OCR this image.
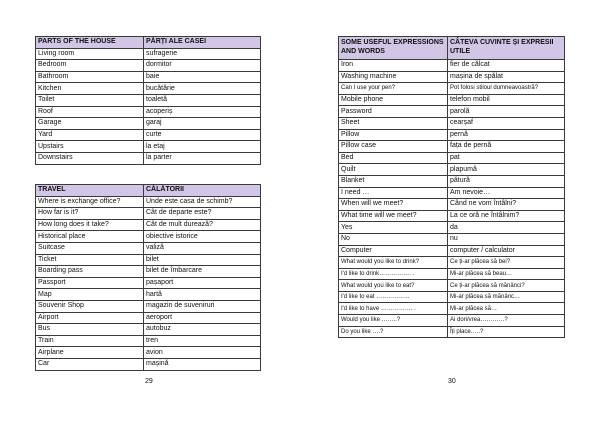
PARTS OF THE HOUSE	PĂRȚI ALE CASEI
Living room	sufragerie
Bedroom	dormitor
Bathroom	baie
Kitchen	bucătărie
Toilet	toaletă
Roof	acoperiș
Garage	garaj
Yard	curte
Upstairs	la etaj
Downstairs	la parter
TRAVEL	CĂLĂTORII
Where is exchange office?	Unde este casa de schimb?
How far is it?	Cât de departe este?
How long does it take?	Cât de mult durează?
Historical place	obiective istorice
Suitcase	valiză
Ticket	bilet
Boarding pass	bilet de îmbarcare
Passport	pașaport
Map	hartă
Souvenir Shop	magazin de suveniruri
Airport	aeroport
Bus	autobuz
Train	tren
Airplane	avion
Car	mașină
SOME USEFUL EXPRESSIONS AND WORDS	CÂTEVA CUVINTE ȘI EXPRESII UTILE
Iron	fier de călcat
Washing machine	mașina de spălat
Can I use your pen?	Pot folosi stiloul dumneavoastră?
Mobile phone	telefon mobil
Password	parolă
Sheet	cearșaf
Pillow	pernă
Pillow case	fața de pernă
Bed	pat
Quilt	plapumă
Blanket	pătură
I need …	Am nevoie…
When will we meet?	Când ne vom întâlni?
What time will we meet?	La ce oră ne întâlnim?
Yes	da
No	nu
Computer	computer / calculator
What would you like to drink?	Ce ți-ar plăcea să bei?
I'd like to drink……………. .	Mi-ar plăcea să beau…
What would you like to eat?	Ce ți-ar plăcea să mănânci?
I'd like to eat ……………..	Mi-ar plăcea să mănânc…
I'd like to have ……………. .	Mi-ar plăcea să…
Would you like ……..?	Ai dori/vrea…………?
Do you like ….?	Îți place…..?
29	30
